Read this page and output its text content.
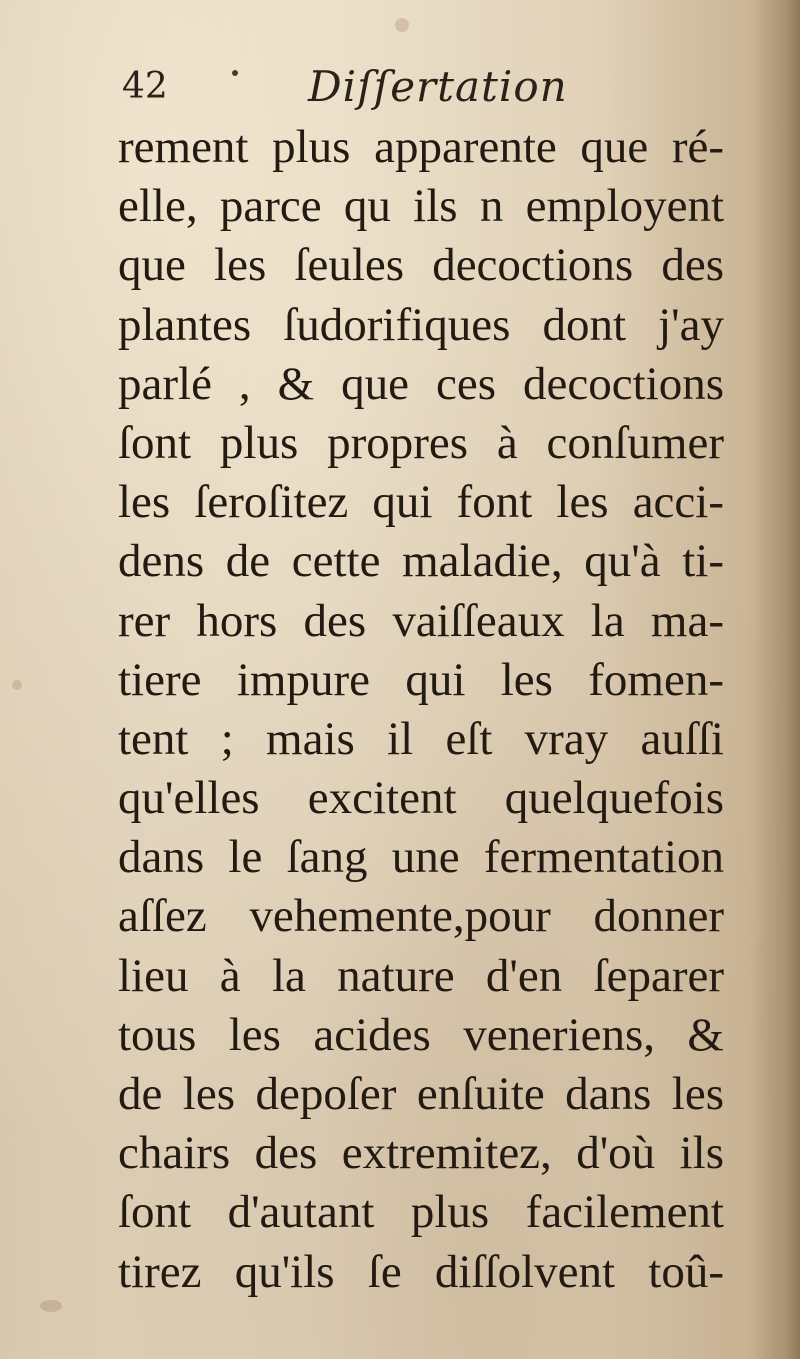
42	Diſſertation
rement plus apparente que ré-
elle, parce qu ils n employent
que les ſeules decoctions des
plantes ſudorifiques dont j'ay
parlé , & que ces decoctions
ſont plus propres à conſumer
les ſeroſitez qui font les acci-
dens de cette maladie, qu'à ti-
rer hors des vaiſſeaux la ma-
tiere impure qui les fomen-
tent ; mais il eſt vray auſſi
qu'elles excitent quelquefois
dans le ſang une fermentation
aſſez vehemente,pour donner
lieu à la nature d'en ſeparer
tous les acides veneriens, &
de les depoſer enſuite dans les
chairs des extremitez, d'où ils
ſont d'autant plus facilement
tirez qu'ils ſe diſſolvent toû-
